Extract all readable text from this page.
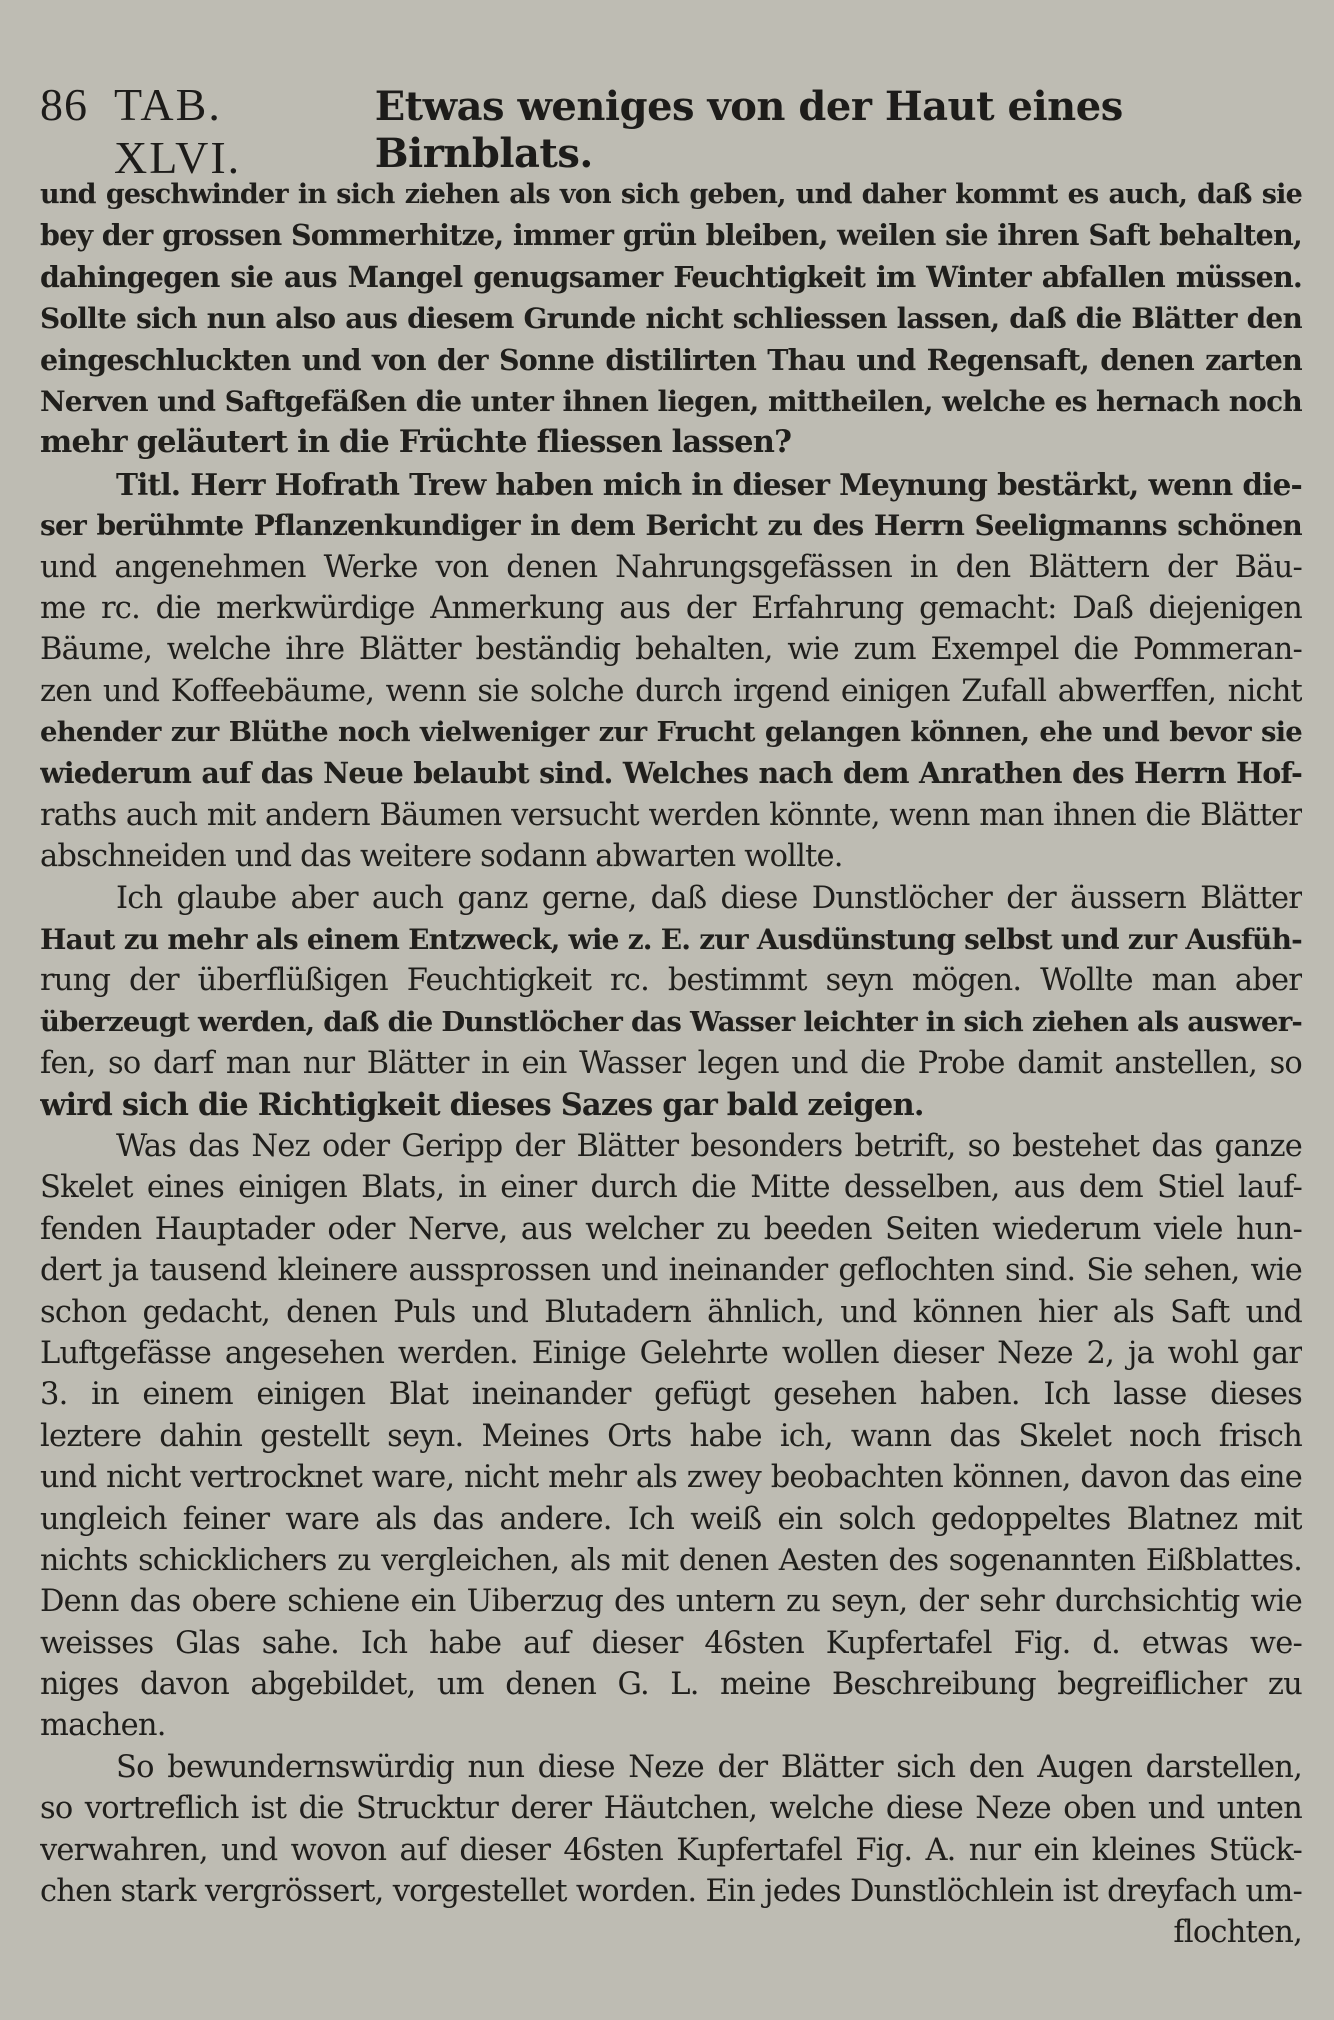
86 TAB. XLVI.
Etwas weniges von der Haut eines Birnblats.
und geschwinder in sich ziehen als von sich geben, und daher kommt es auch, daß sie
bey der grossen Sommerhitze, immer grün bleiben, weilen sie ihren Saft behalten,
dahingegen sie aus Mangel genugsamer Feuchtigkeit im Winter abfallen müssen.
Sollte sich nun also aus diesem Grunde nicht schliessen lassen, daß die Blätter den
eingeschluckten und von der Sonne distilirten Thau und Regensaft, denen zarten
Nerven und Saftgefäßen die unter ihnen liegen, mittheilen, welche es hernach noch
mehr geläutert in die Früchte fliessen lassen?
Titl. Herr Hofrath Trew haben mich in dieser Meynung bestärkt, wenn die-
ser berühmte Pflanzenkundiger in dem Bericht zu des Herrn Seeligmanns schönen
und angenehmen Werke von denen Nahrungsgefässen in den Blättern der Bäu-
me rc. die merkwürdige Anmerkung aus der Erfahrung gemacht: Daß diejenigen
Bäume, welche ihre Blätter beständig behalten, wie zum Exempel die Pommeran-
zen und Koffeebäume, wenn sie solche durch irgend einigen Zufall abwerffen, nicht
ehender zur Blüthe noch vielweniger zur Frucht gelangen können, ehe und bevor sie
wiederum auf das Neue belaubt sind. Welches nach dem Anrathen des Herrn Hof-
raths auch mit andern Bäumen versucht werden könnte, wenn man ihnen die Blätter
abschneiden und das weitere sodann abwarten wollte.
Ich glaube aber auch ganz gerne, daß diese Dunstlöcher der äussern Blätter
Haut zu mehr als einem Entzweck, wie z. E. zur Ausdünstung selbst und zur Ausfüh-
rung der überflüßigen Feuchtigkeit rc. bestimmt seyn mögen. Wollte man aber
überzeugt werden, daß die Dunstlöcher das Wasser leichter in sich ziehen als auswer-
fen, so darf man nur Blätter in ein Wasser legen und die Probe damit anstellen, so
wird sich die Richtigkeit dieses Sazes gar bald zeigen.
Was das Nez oder Geripp der Blätter besonders betrift, so bestehet das ganze
Skelet eines einigen Blats, in einer durch die Mitte desselben, aus dem Stiel lauf-
fenden Hauptader oder Nerve, aus welcher zu beeden Seiten wiederum viele hun-
dert ja tausend kleinere aussprossen und ineinander geflochten sind. Sie sehen, wie
schon gedacht, denen Puls und Blutadern ähnlich, und können hier als Saft und
Luftgefässe angesehen werden. Einige Gelehrte wollen dieser Neze 2, ja wohl gar
3. in einem einigen Blat ineinander gefügt gesehen haben. Ich lasse dieses
leztere dahin gestellt seyn. Meines Orts habe ich, wann das Skelet noch frisch
und nicht vertrocknet ware, nicht mehr als zwey beobachten können, davon das eine
ungleich feiner ware als das andere. Ich weiß ein solch gedoppeltes Blatnez mit
nichts schicklichers zu vergleichen, als mit denen Aesten des sogenannten Eißblattes.
Denn das obere schiene ein Uiberzug des untern zu seyn, der sehr durchsichtig wie
weisses Glas sahe. Ich habe auf dieser 46sten Kupfertafel Fig. d. etwas we-
niges davon abgebildet, um denen G. L. meine Beschreibung begreiflicher zu
machen.
So bewundernswürdig nun diese Neze der Blätter sich den Augen darstellen,
so vortreflich ist die Strucktur derer Häutchen, welche diese Neze oben und unten
verwahren, und wovon auf dieser 46sten Kupfertafel Fig. A. nur ein kleines Stück-
chen stark vergrössert, vorgestellet worden. Ein jedes Dunstlöchlein ist dreyfach um-
flochten,
